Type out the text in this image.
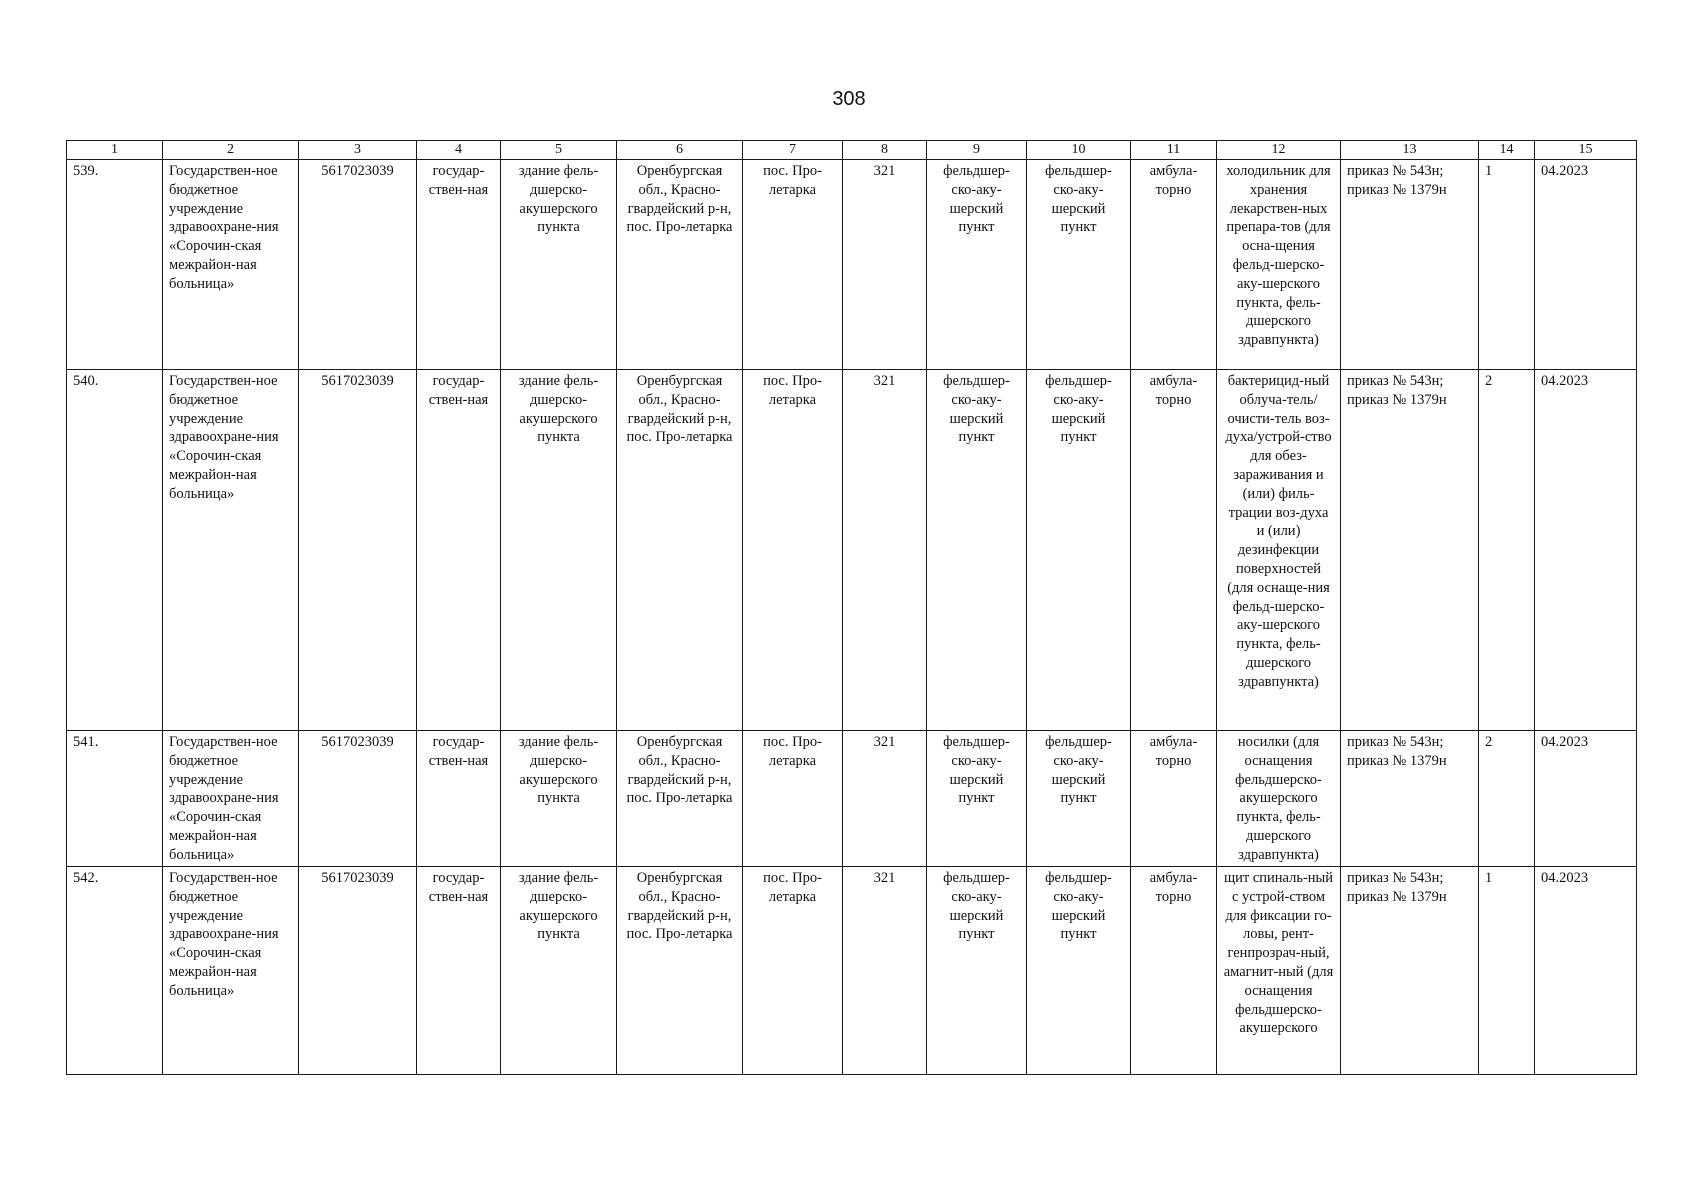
308
1	2	3	4	5	6	7	8	9	10	11	12	13	14	15
539.	Государствен-ное бюджетное учреждение здравоохране-ния «Сорочин-ская межрайон-ная больница»	5617023039	государ-ствен-ная	здание фель-дшерско-акушерского пункта	Оренбургская обл., Красно-гвардейский р-н, пос. Про-летарка	пос. Про-летарка	321	фельдшер-ско-аку-шерский пункт	фельдшер-ско-аку-шерский пункт	амбула-торно	холодильник для хранения лекарствен-ных препара-тов (для осна-щения фельд-шерско-аку-шерского пункта, фель-дшерского здравпункта)	приказ № 543н; приказ № 1379н	1	04.2023
540.	Государствен-ное бюджетное учреждение здравоохране-ния «Сорочин-ская межрайон-ная больница»	5617023039	государ-ствен-ная	здание фель-дшерско-акушерского пункта	Оренбургская обл., Красно-гвардейский р-н, пос. Про-летарка	пос. Про-летарка	321	фельдшер-ско-аку-шерский пункт	фельдшер-ско-аку-шерский пункт	амбула-торно	бактерицид-ный облуча-тель/очисти-тель воз-духа/устрой-ство для обез-зараживания и (или) филь-трации воз-духа и (или) дезинфекции поверхностей (для оснаще-ния фельд-шерско-аку-шерского пункта, фель-дшерского здравпункта)	приказ № 543н; приказ № 1379н	2	04.2023
541.	Государствен-ное бюджетное учреждение здравоохране-ния «Сорочин-ская межрайон-ная больница»	5617023039	государ-ствен-ная	здание фель-дшерско-акушерского пункта	Оренбургская обл., Красно-гвардейский р-н, пос. Про-летарка	пос. Про-летарка	321	фельдшер-ско-аку-шерский пункт	фельдшер-ско-аку-шерский пункт	амбула-торно	носилки (для оснащения фельдшерско-акушерского пункта, фель-дшерского здравпункта)	приказ № 543н; приказ № 1379н	2	04.2023
542.	Государствен-ное бюджетное учреждение здравоохране-ния «Сорочин-ская межрайон-ная больница»	5617023039	государ-ствен-ная	здание фель-дшерско-акушерского пункта	Оренбургская обл., Красно-гвардейский р-н, пос. Про-летарка	пос. Про-летарка	321	фельдшер-ско-аку-шерский пункт	фельдшер-ско-аку-шерский пункт	амбула-торно	щит спиналь-ный с устрой-ством для фиксации го-ловы, рент-генпрозрач-ный, амагнит-ный (для оснащения фельдшерско-акушерского	приказ № 543н; приказ № 1379н	1	04.2023
